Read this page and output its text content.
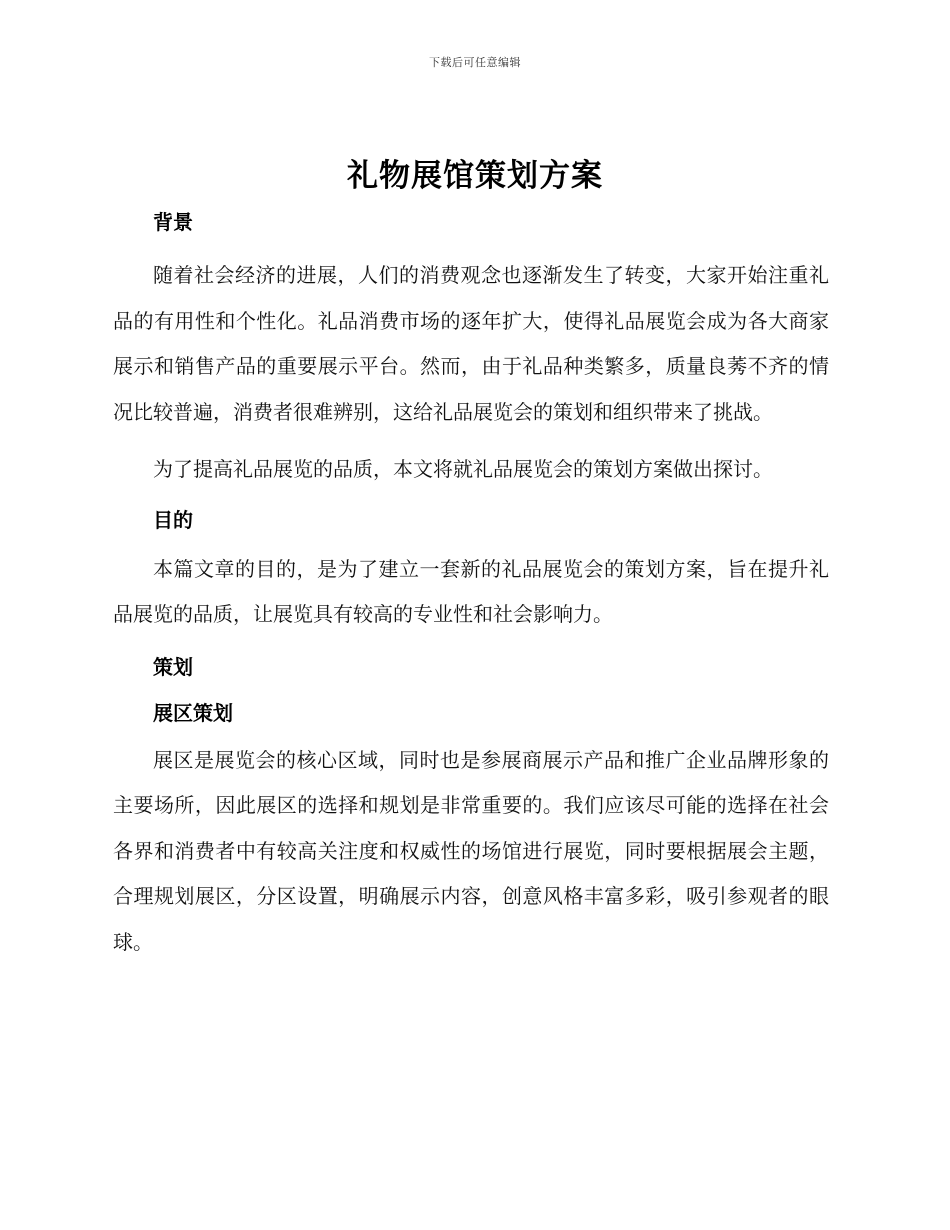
下载后可任意编辑
礼物展馆策划方案

背景

随着社会经济的进展，人们的消费观念也逐渐发生了转变，大家开始注重礼品的有用性和个性化。礼品消费市场的逐年扩大，使得礼品展览会成为各大商家展示和销售产品的重要展示平台。然而，由于礼品种类繁多，质量良莠不齐的情况比较普遍，消费者很难辨别，这给礼品展览会的策划和组织带来了挑战。

为了提高礼品展览的品质，本文将就礼品展览会的策划方案做出探讨。

目的

本篇文章的目的，是为了建立一套新的礼品展览会的策划方案，旨在提升礼品展览的品质，让展览具有较高的专业性和社会影响力。

策划

展区策划

展区是展览会的核心区域，同时也是参展商展示产品和推广企业品牌形象的主要场所，因此展区的选择和规划是非常重要的。我们应该尽可能的选择在社会各界和消费者中有较高关注度和权威性的场馆进行展览，同时要根据展会主题，合理规划展区，分区设置，明确展示内容，创意风格丰富多彩，吸引参观者的眼球。
